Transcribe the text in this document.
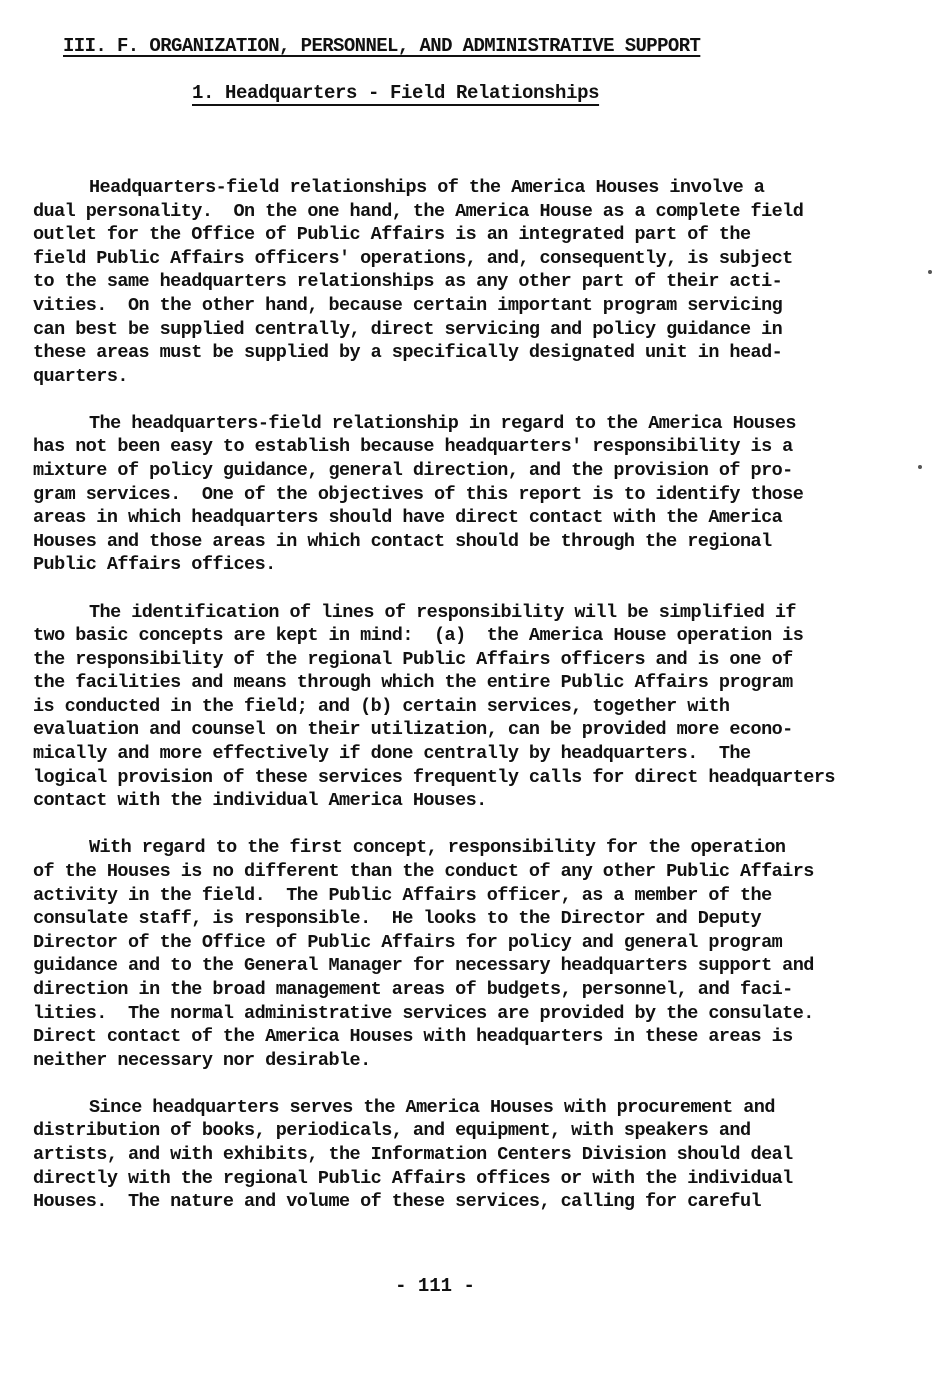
III. F. ORGANIZATION, PERSONNEL, AND ADMINISTRATIVE SUPPORT
1. Headquarters - Field Relationships
Headquarters-field relationships of the America Houses involve a
dual personality.  On the one hand, the America House as a complete field
outlet for the Office of Public Affairs is an integrated part of the
field Public Affairs officers' operations, and, consequently, is subject
to the same headquarters relationships as any other part of their acti-
vities.  On the other hand, because certain important program servicing
can best be supplied centrally, direct servicing and policy guidance in
these areas must be supplied by a specifically designated unit in head-
quarters.
The headquarters-field relationship in regard to the America Houses
has not been easy to establish because headquarters' responsibility is a
mixture of policy guidance, general direction, and the provision of pro-
gram services.  One of the objectives of this report is to identify those
areas in which headquarters should have direct contact with the America
Houses and those areas in which contact should be through the regional
Public Affairs offices.
The identification of lines of responsibility will be simplified if
two basic concepts are kept in mind:  (a)  the America House operation is
the responsibility of the regional Public Affairs officers and is one of
the facilities and means through which the entire Public Affairs program
is conducted in the field; and (b) certain services, together with
evaluation and counsel on their utilization, can be provided more econo-
mically and more effectively if done centrally by headquarters.  The
logical provision of these services frequently calls for direct headquarters
contact with the individual America Houses.
With regard to the first concept, responsibility for the operation
of the Houses is no different than the conduct of any other Public Affairs
activity in the field.  The Public Affairs officer, as a member of the
consulate staff, is responsible.  He looks to the Director and Deputy
Director of the Office of Public Affairs for policy and general program
guidance and to the General Manager for necessary headquarters support and
direction in the broad management areas of budgets, personnel, and faci-
lities.  The normal administrative services are provided by the consulate.
Direct contact of the America Houses with headquarters in these areas is
neither necessary nor desirable.
Since headquarters serves the America Houses with procurement and
distribution of books, periodicals, and equipment, with speakers and
artists, and with exhibits, the Information Centers Division should deal
directly with the regional Public Affairs offices or with the individual
Houses.  The nature and volume of these services, calling for careful
- 111 -
